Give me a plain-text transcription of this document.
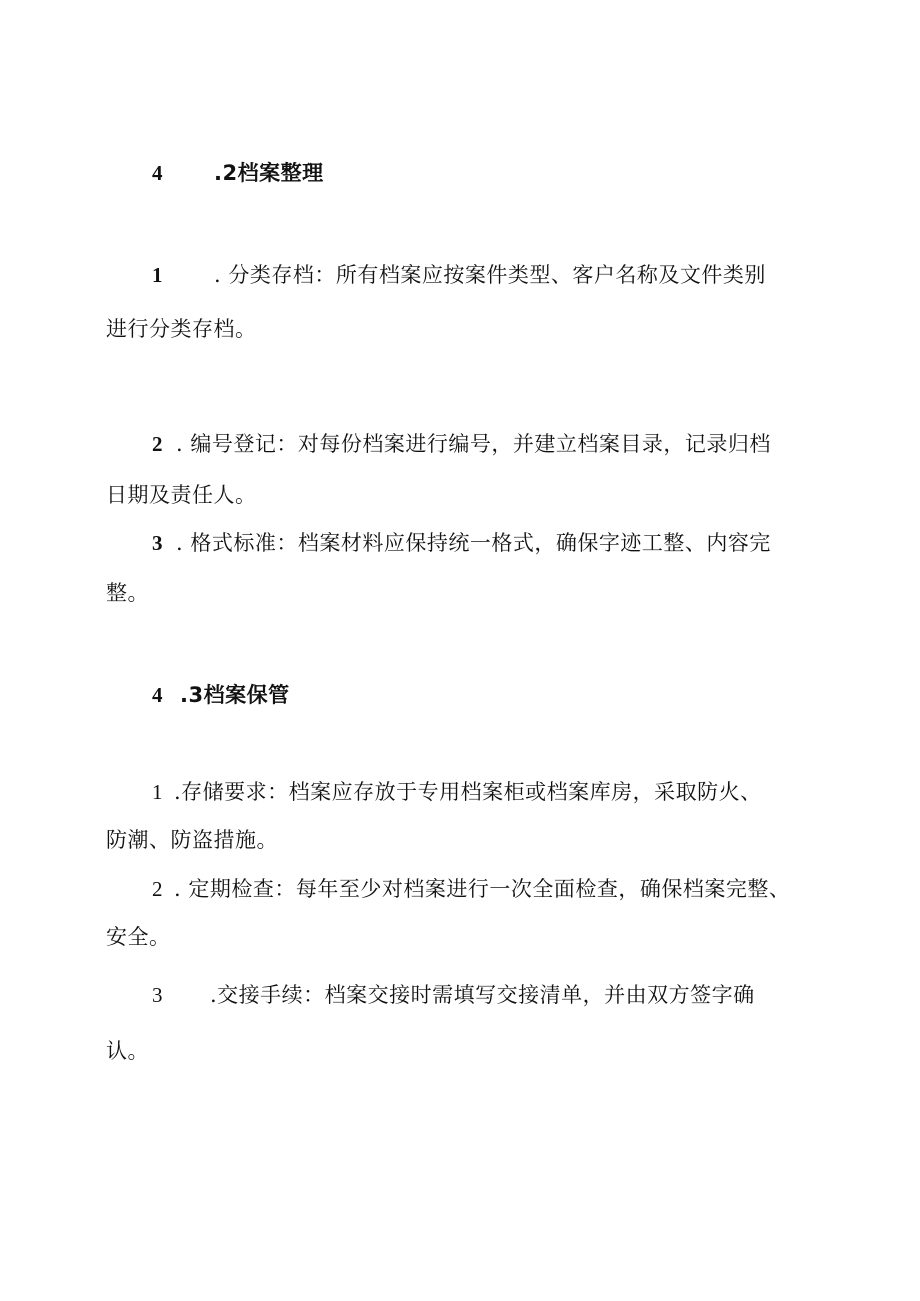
4 .2档案整理
1 . 分类存档：所有档案应按案件类型、客户名称及文件类别
进行分类存档。
2 . 编号登记：对每份档案进行编号，并建立档案目录，记录归档
日期及责任人。
3 . 格式标准：档案材料应保持统一格式，确保字迹工整、内容完
整。
4 .3档案保管
1 .存储要求：档案应存放于专用档案柜或档案库房，采取防火、
防潮、防盗措施。
2 . 定期检查：每年至少对档案进行一次全面检查，确保档案完整、
安全。
3 .交接手续：档案交接时需填写交接清单，并由双方签字确
认。
